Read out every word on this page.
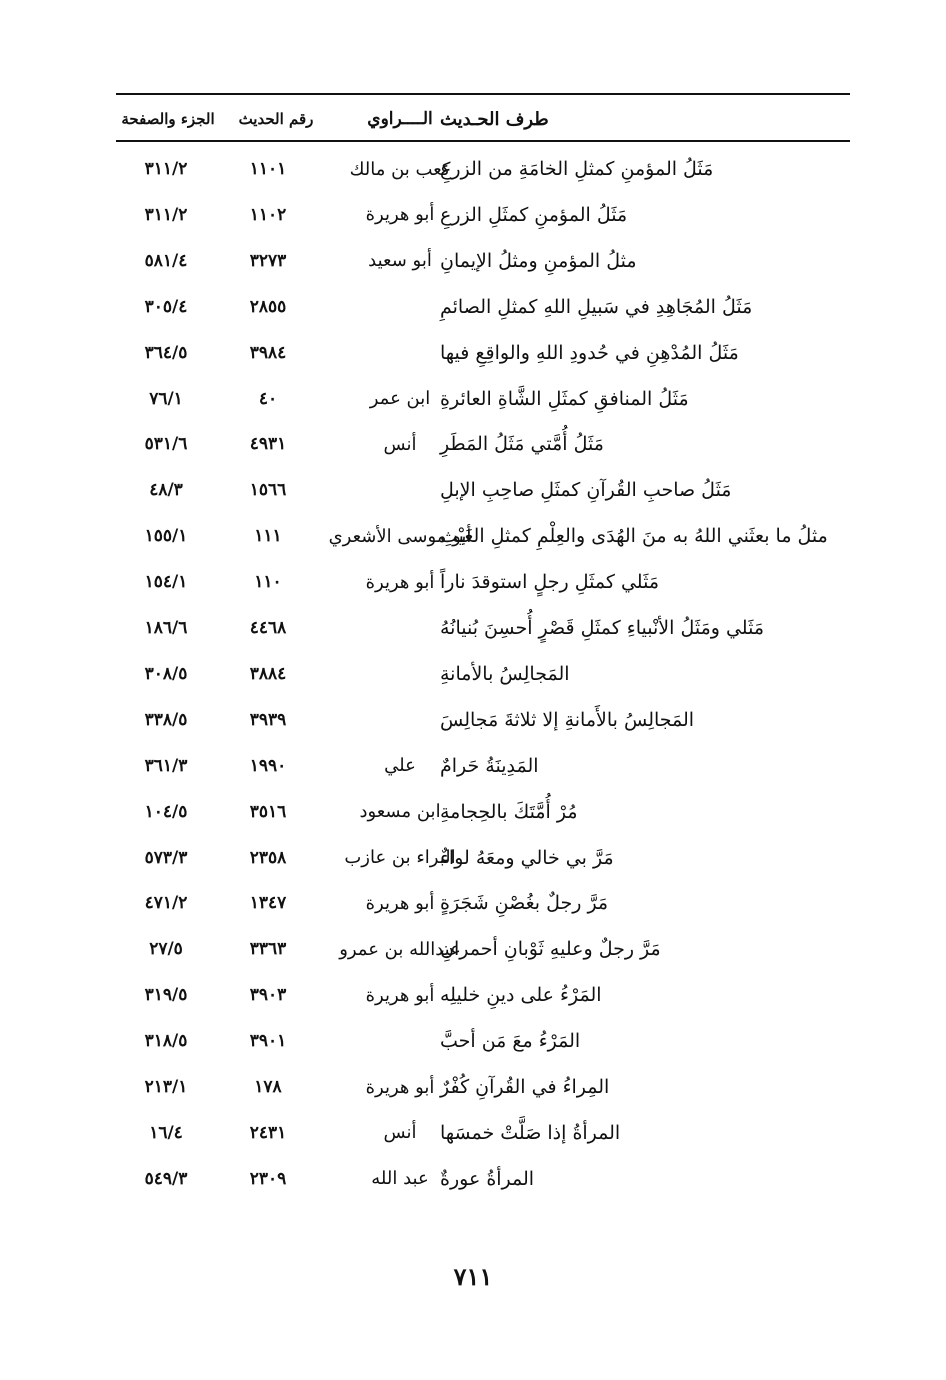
طرف الحـديث
الــــراوي
رقم الحديث
الجزء والصفحة
مَثَلُ المؤمنِ كمثلِ الخامَةِ من الزرعِ
كعب بن مالك
١١٠١
٣١١/٢
مَثَلُ المؤمنِ كمثَلِ الزرعِ
أبو هريرة
١١٠٢
٣١١/٢
مثلُ المؤمنِ ومثلُ الإيمانِ
أبو سعيد
٣٢٧٣
٥٨١/٤
مَثَلُ المُجَاهِدِ في سَبيلِ اللهِ كمثلِ الصائمِ
٢٨٥٥
٣٠٥/٤
مَثَلُ المُدْهِنِ في حُدودِ اللهِ والواقِعِ فيها
٣٩٨٤
٣٦٤/٥
مَثَلُ المنافقِ كمثَلِ الشَّاةِ العائرةِ
ابن عمر
٤٠
٧٦/١
مَثَلُ أُمَّتي مَثَلُ المَطَرِ
أنس
٤٩٣١
٥٣١/٦
مَثَلُ صاحبِ القُرآنِ كمثَلِ صاحِبِ الإبلِ
١٥٦٦
٤٨/٣
مثلُ ما بعثَني اللهُ به منَ الهُدَى والعِلْمِ كمثلِ الغَيْثِ
أبو موسى الأشعري
١١١
١٥٥/١
مَثَلي كمثَلِ رجلٍ استوقدَ ناراً
أبو هريرة
١١٠
١٥٤/١
مَثَلي ومَثَلُ الأنْبياءِ كمثَلِ قَصْرٍ أُحسِنَ بُنيانُهُ
٤٤٦٨
١٨٦/٦
المَجالِسُ بالأمانةِ
٣٨٨٤
٣٠٨/٥
المَجالِسُ بالأَمانةِ إلا ثلاثةَ مَجالِسَ
٣٩٣٩
٣٣٨/٥
المَدِينَةُ حَرامٌ
علي
١٩٩٠
٣٦١/٣
مُرْ أُمَّتَكَ بالحِجامةِ
ابن مسعود
٣٥١٦
١٠٤/٥
مَرَّ بي خالي ومعَهُ لواءٌ
البراء بن عازب
٢٣٥٨
٥٧٣/٣
مَرَّ رجلٌ بغُصْنِ شَجَرَةٍ
أبو هريرة
١٣٤٧
٤٧١/٢
مَرَّ رجلٌ وعليهِ ثَوْبانِ أحمرانِ
عبدالله بن عمرو
٣٣٦٣
٢٧/٥
المَرْءُ على دينِ خليلِه
أبو هريرة
٣٩٠٣
٣١٩/٥
المَرْءُ معَ مَن أحبَّ
٣٩٠١
٣١٨/٥
المِراءُ في القُرآنِ كُفْرٌ
أبو هريرة
١٧٨
٢١٣/١
المرأةُ إذا صَلَّتْ خمسَها
أنس
٢٤٣١
١٦/٤
المرأةُ عورةٌ
عبد الله
٢٣٠٩
٥٤٩/٣
٧١١
